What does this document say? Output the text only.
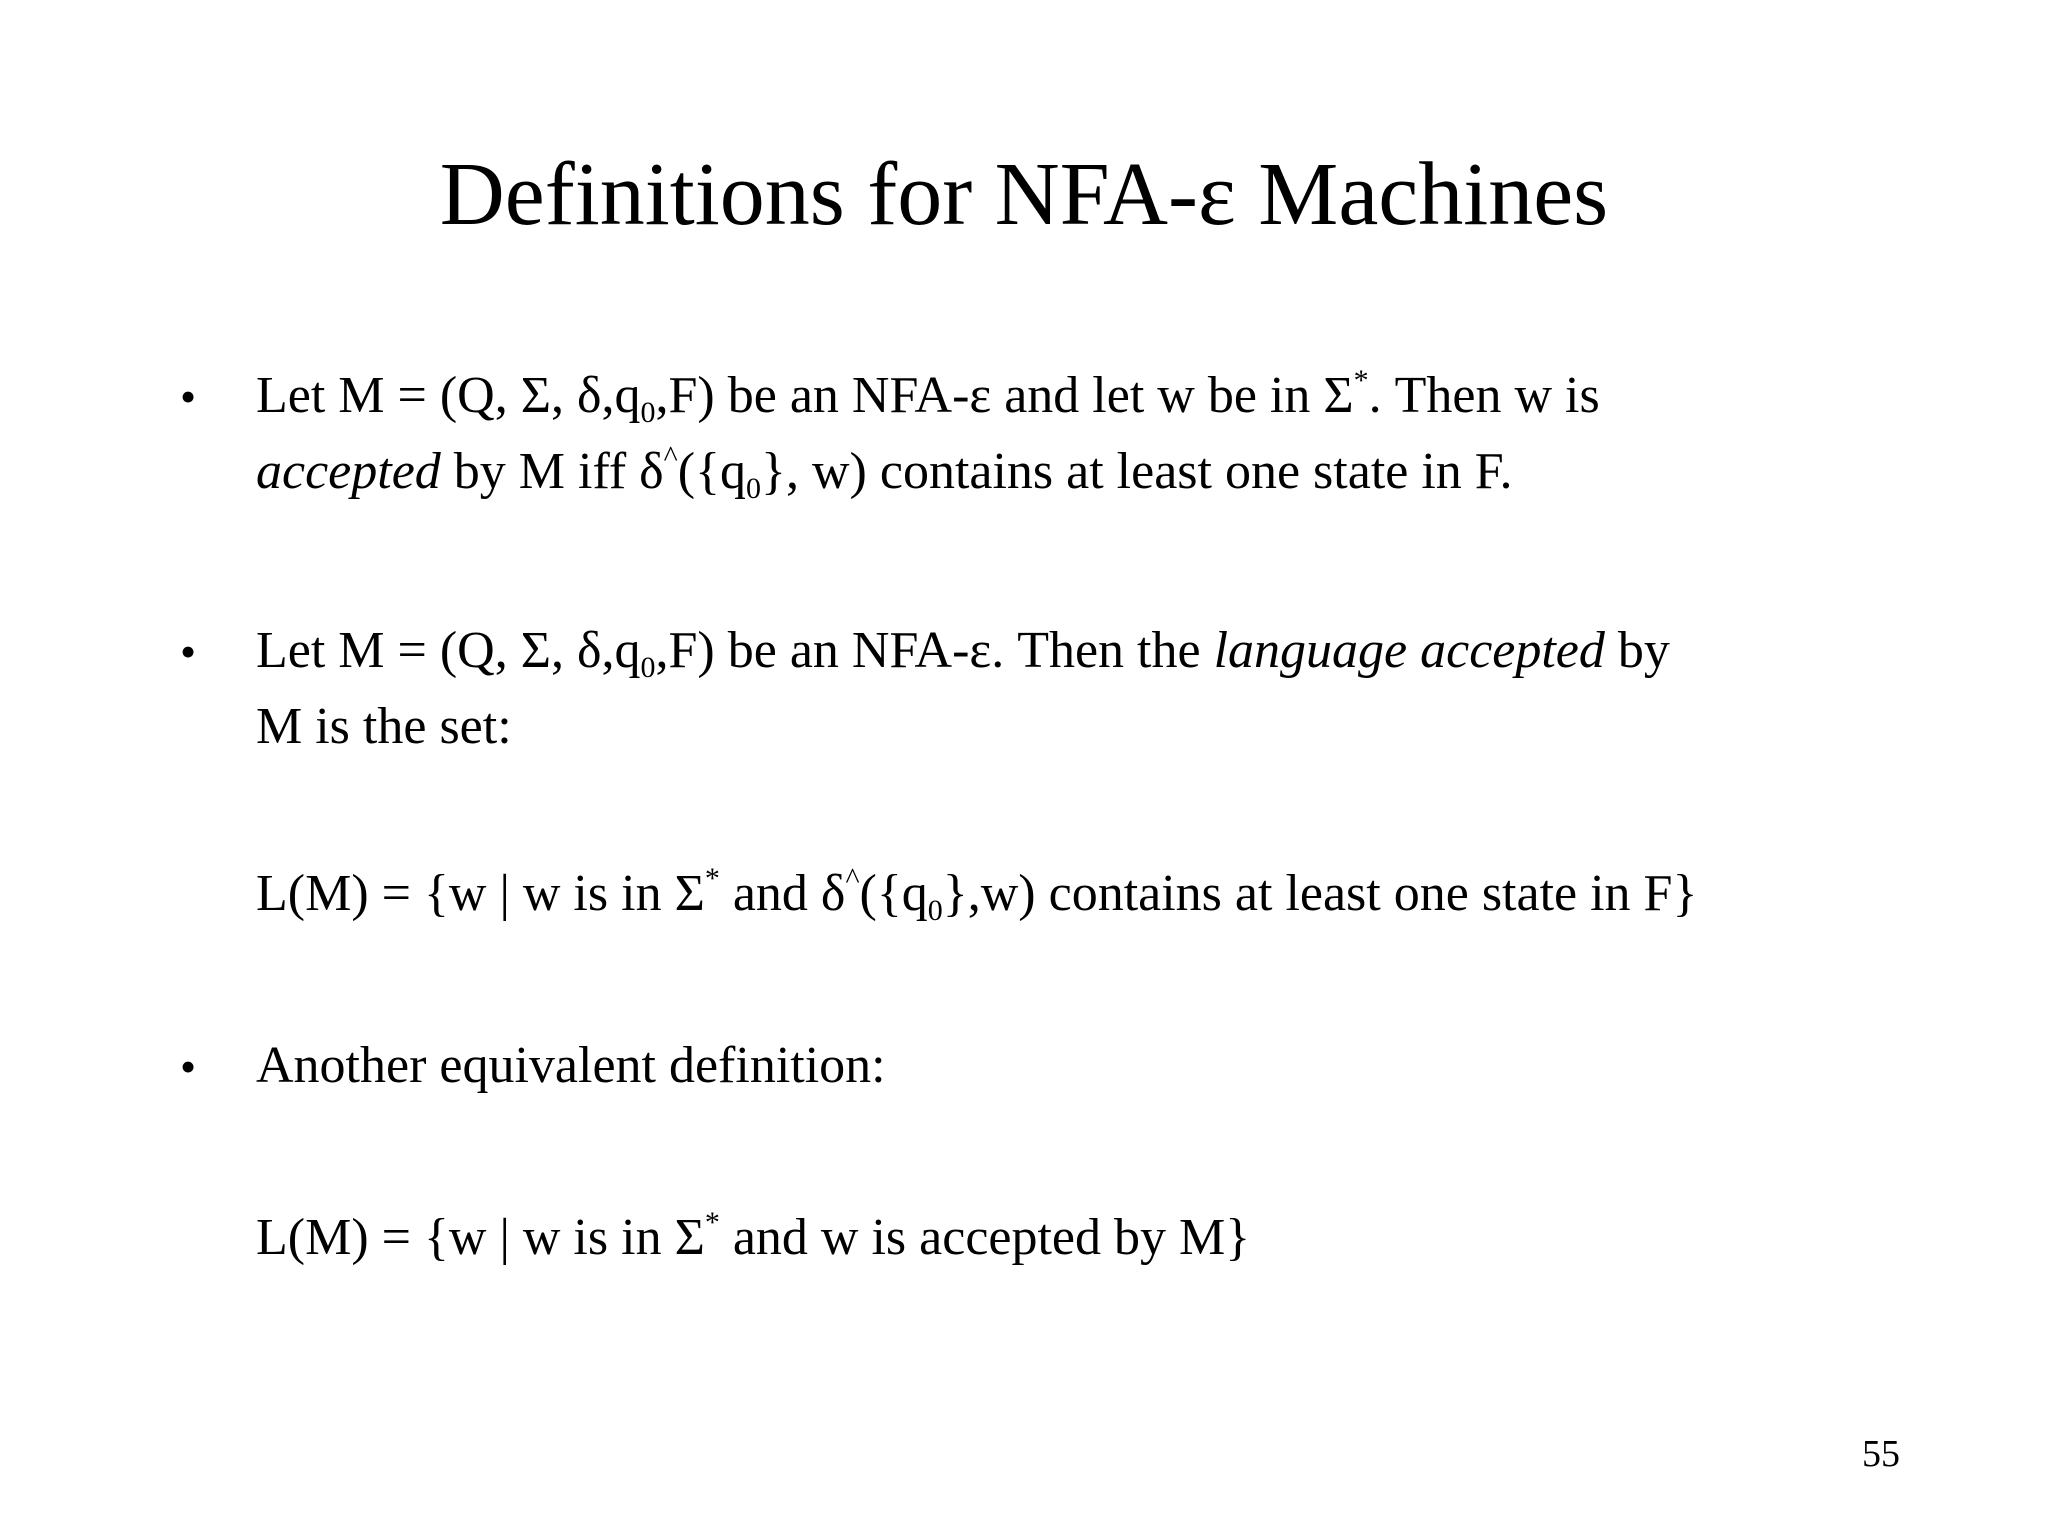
Definitions for NFA-ε Machines
• Let M = (Q, Σ, $\delta,q_0,F$) be an NFA-ε and let w be in Σ*. Then w is
accepted by M iff $\delta^{\^{}}(\{q_0\}$, w) contains at least one state in F.
• Let M = (Q, Σ, $\delta,q_0,F$) be an NFA-ε. Then the language accepted by
M is the set:
L(M) = {w | w is in Σ* and $\delta^{\^{}}(\{q_0\},w)$ contains at least one state in F}
• Another equivalent definition:
L(M) = {w | w is in Σ* and w is accepted by M}
55
